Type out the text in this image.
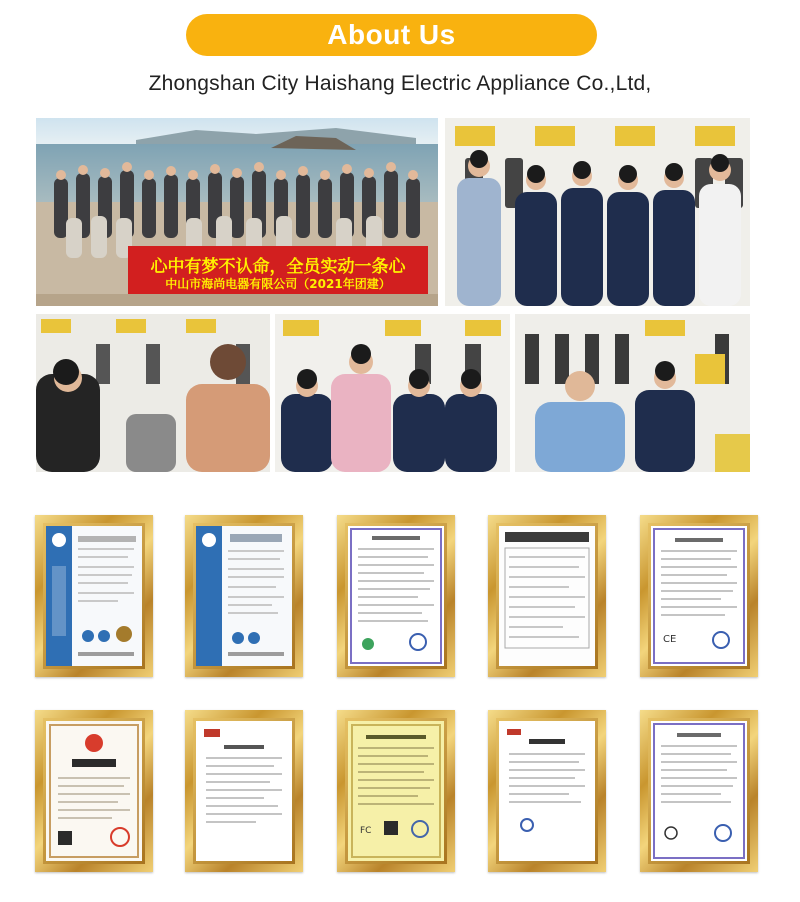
About Us
Zhongshan City Haishang Electric Appliance Co.,Ltd,
心中有梦不认命，全员实动一条心
中山市海尚电器有限公司（2021年团建）
CE
FC
